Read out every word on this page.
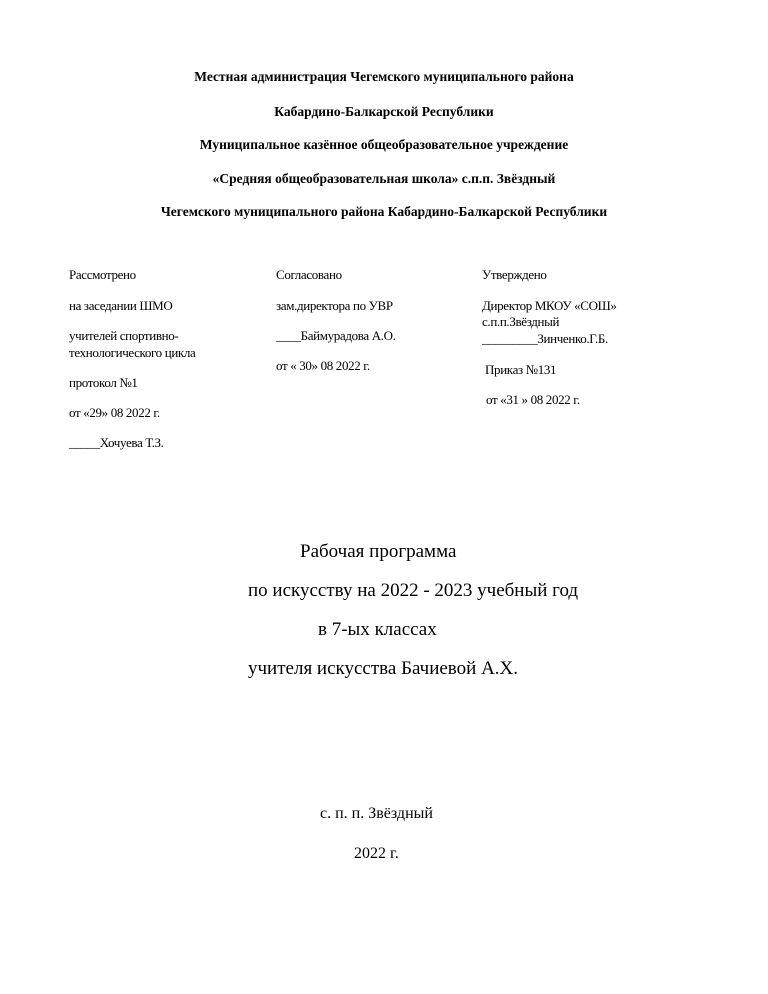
Местная администрация Чегемского муниципального района
Кабардино-Балкарской Республики
Муниципальное казённое общеобразовательное учреждение
«Средняя общеобразовательная школа» с.п.п. Звёздный
Чегемского муниципального района Кабардино-Балкарской Республики
Рассмотрено
на заседании ШМО
учителей спортивно-
технологического цикла
протокол №1
от «29» 08 2022 г.
_____Хочуева Т.З.
Согласовано
зам.директора по УВР
____Баймурадова А.О.
от « 30» 08 2022 г.
Утверждено
Директор МКОУ «СОШ»
с.п.п.Звёздный
_________Зинченко.Г.Б.
Приказ №131
от «31 » 08 2022 г.
Рабочая программа
по искусству на 2022 - 2023 учебный год
в 7-ых классах
учителя искусства Бачиевой А.Х.
с. п. п. Звёздный
2022 г.
